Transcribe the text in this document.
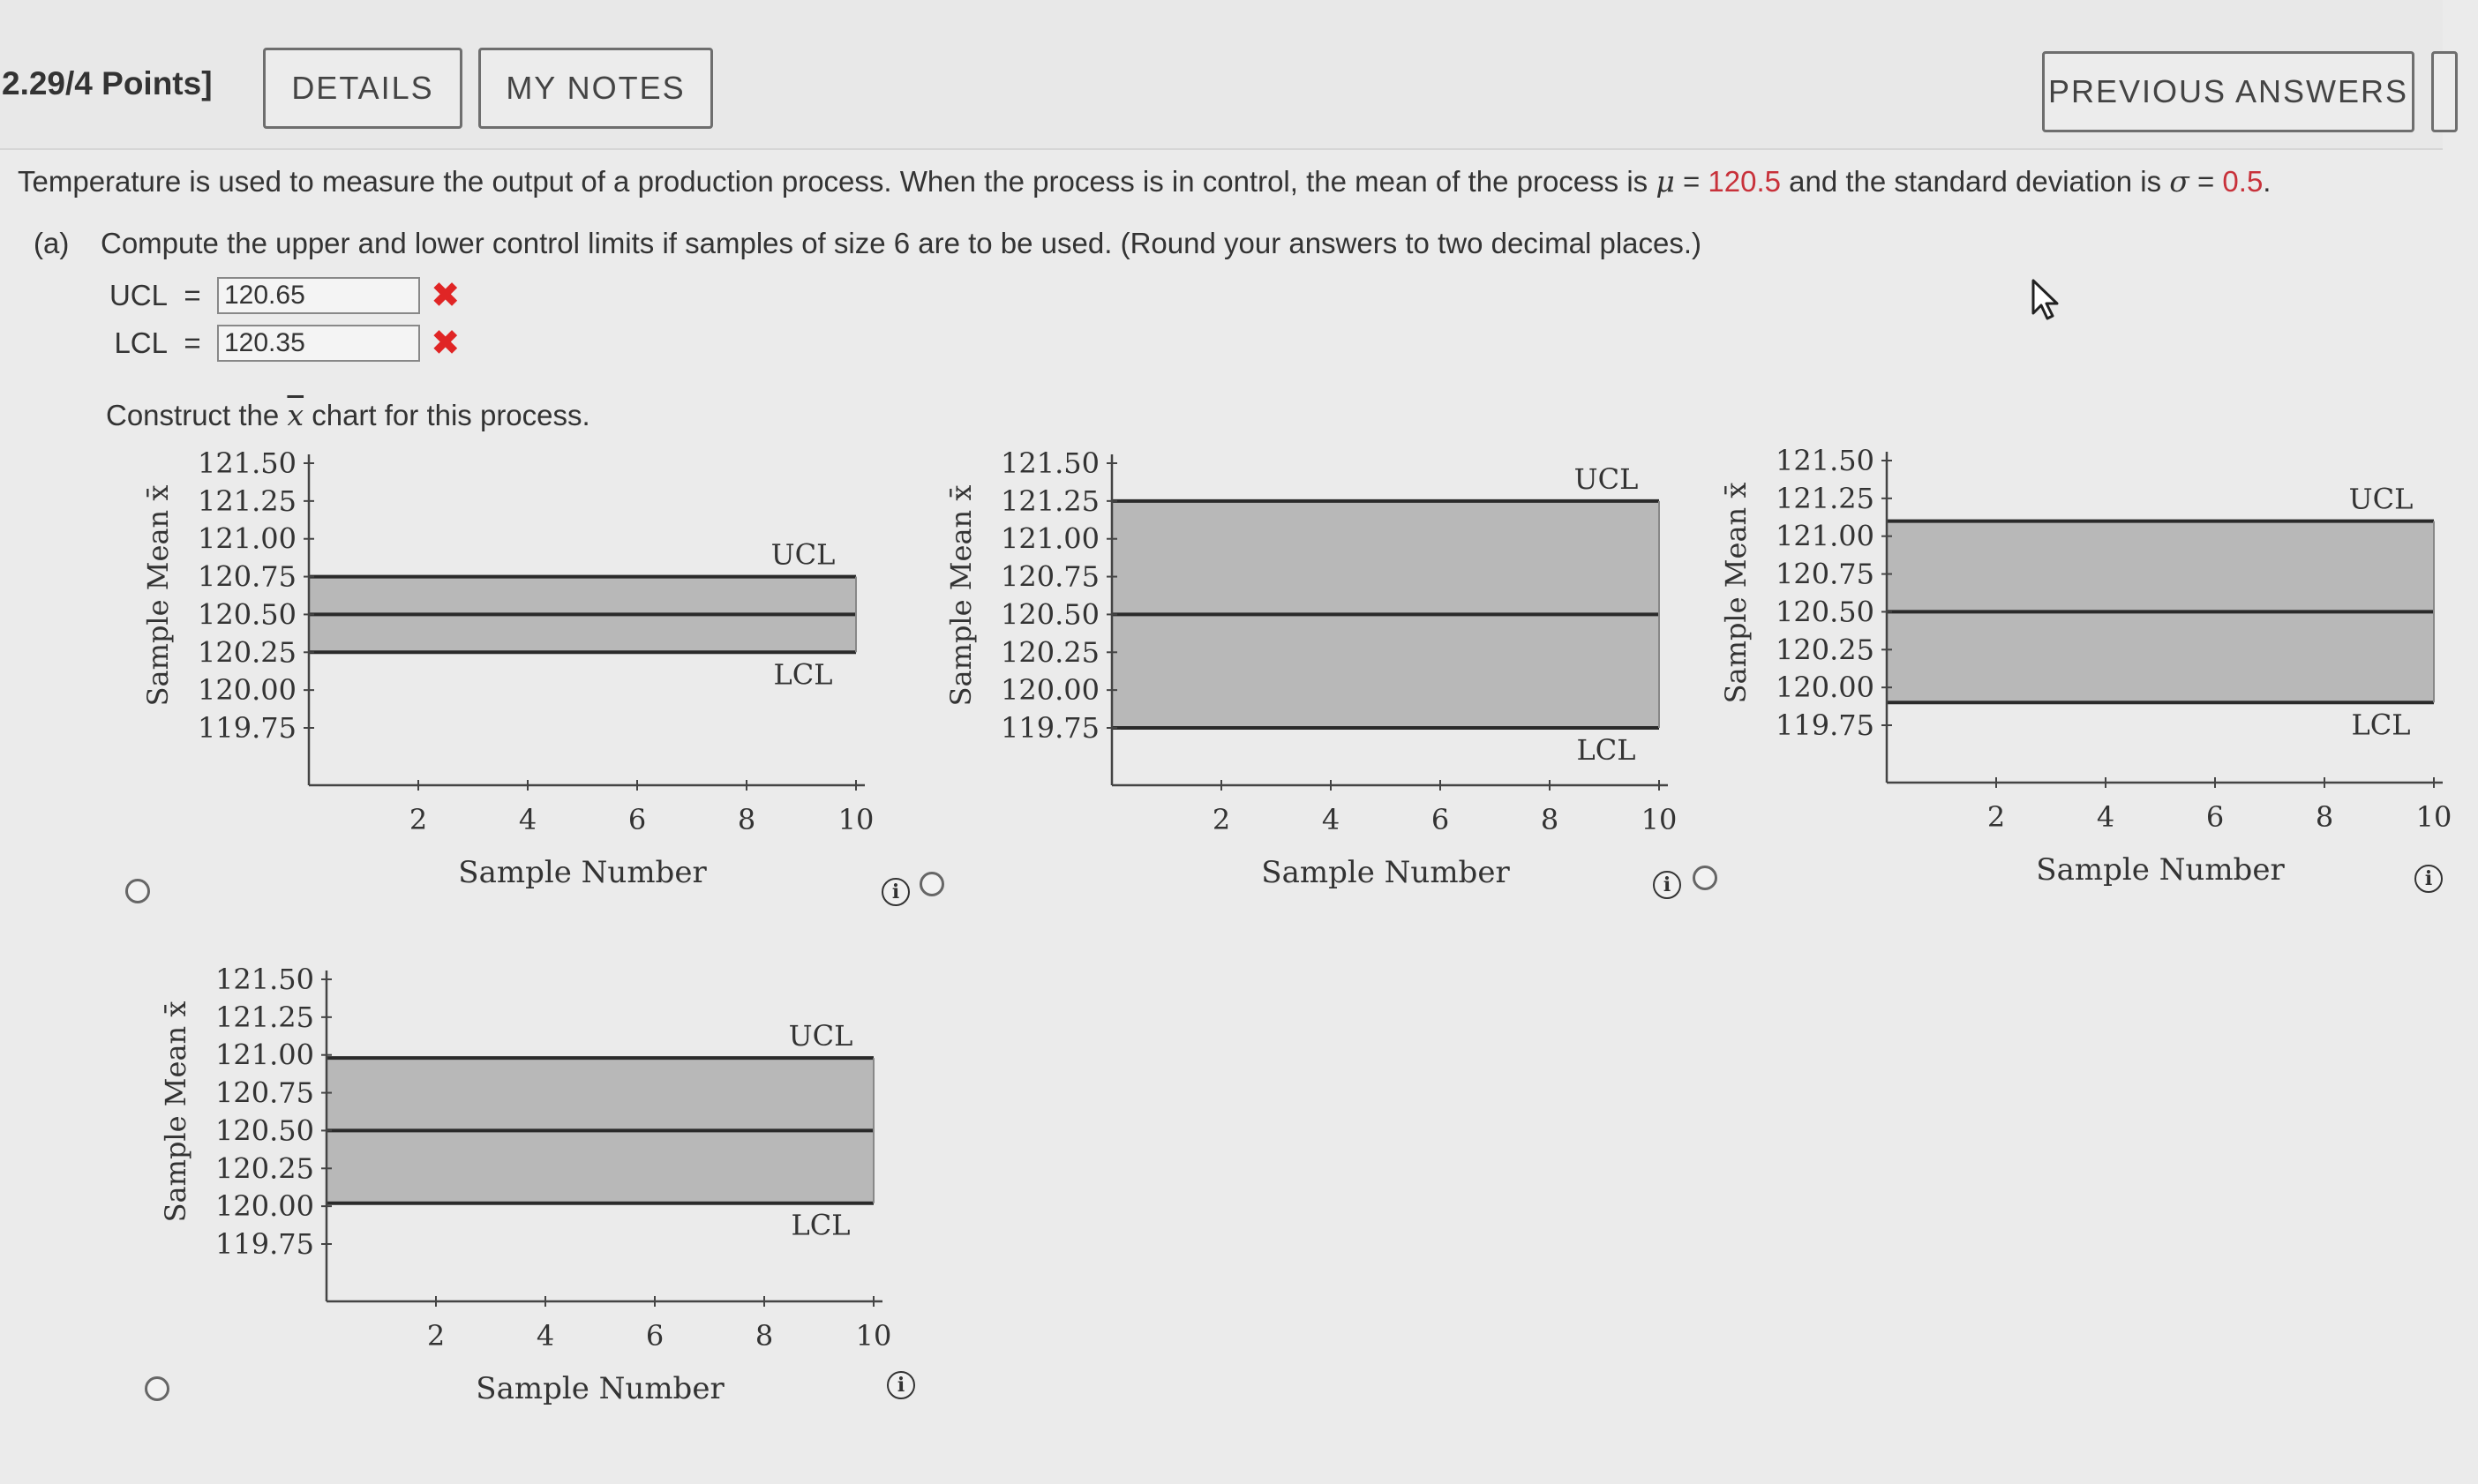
2.29/4 Points]	DETAILS	MY NOTES	PREVIOUS ANSWERS
Temperature is used to measure the output of a production process. When the process is in control, the mean of the process is μ = 120.5 and the standard deviation is σ = 0.5.
(a) Compute the upper and lower control limits if samples of size 6 are to be used. (Round your answers to two decimal places.)
UCL =
120.65	✖
LCL =
120.35	✖
Construct the $\overline{x}$ chart for this process.
121.50
121.25
121.00
120.75
120.50
120.25
120.00
119.75
2	4	6	8	10
UCL
LCL
Sample Number
Sample Mean x̄
121.50
121.25
121.00
120.75
120.50
120.25
120.00
119.75
2	4	6	8	10
UCL
LCL
Sample Number
Sample Mean x̄
121.50
121.25
121.00
120.75
120.50
120.25
120.00
119.75
2	4	6	8	10
UCL
LCL
Sample Number
Sample Mean x̄
121.50
121.25
121.00
120.75
120.50
120.25
120.00
119.75
2	4	6	8	10
UCL
LCL
Sample Number
Sample Mean x̄
i	i	i
i
